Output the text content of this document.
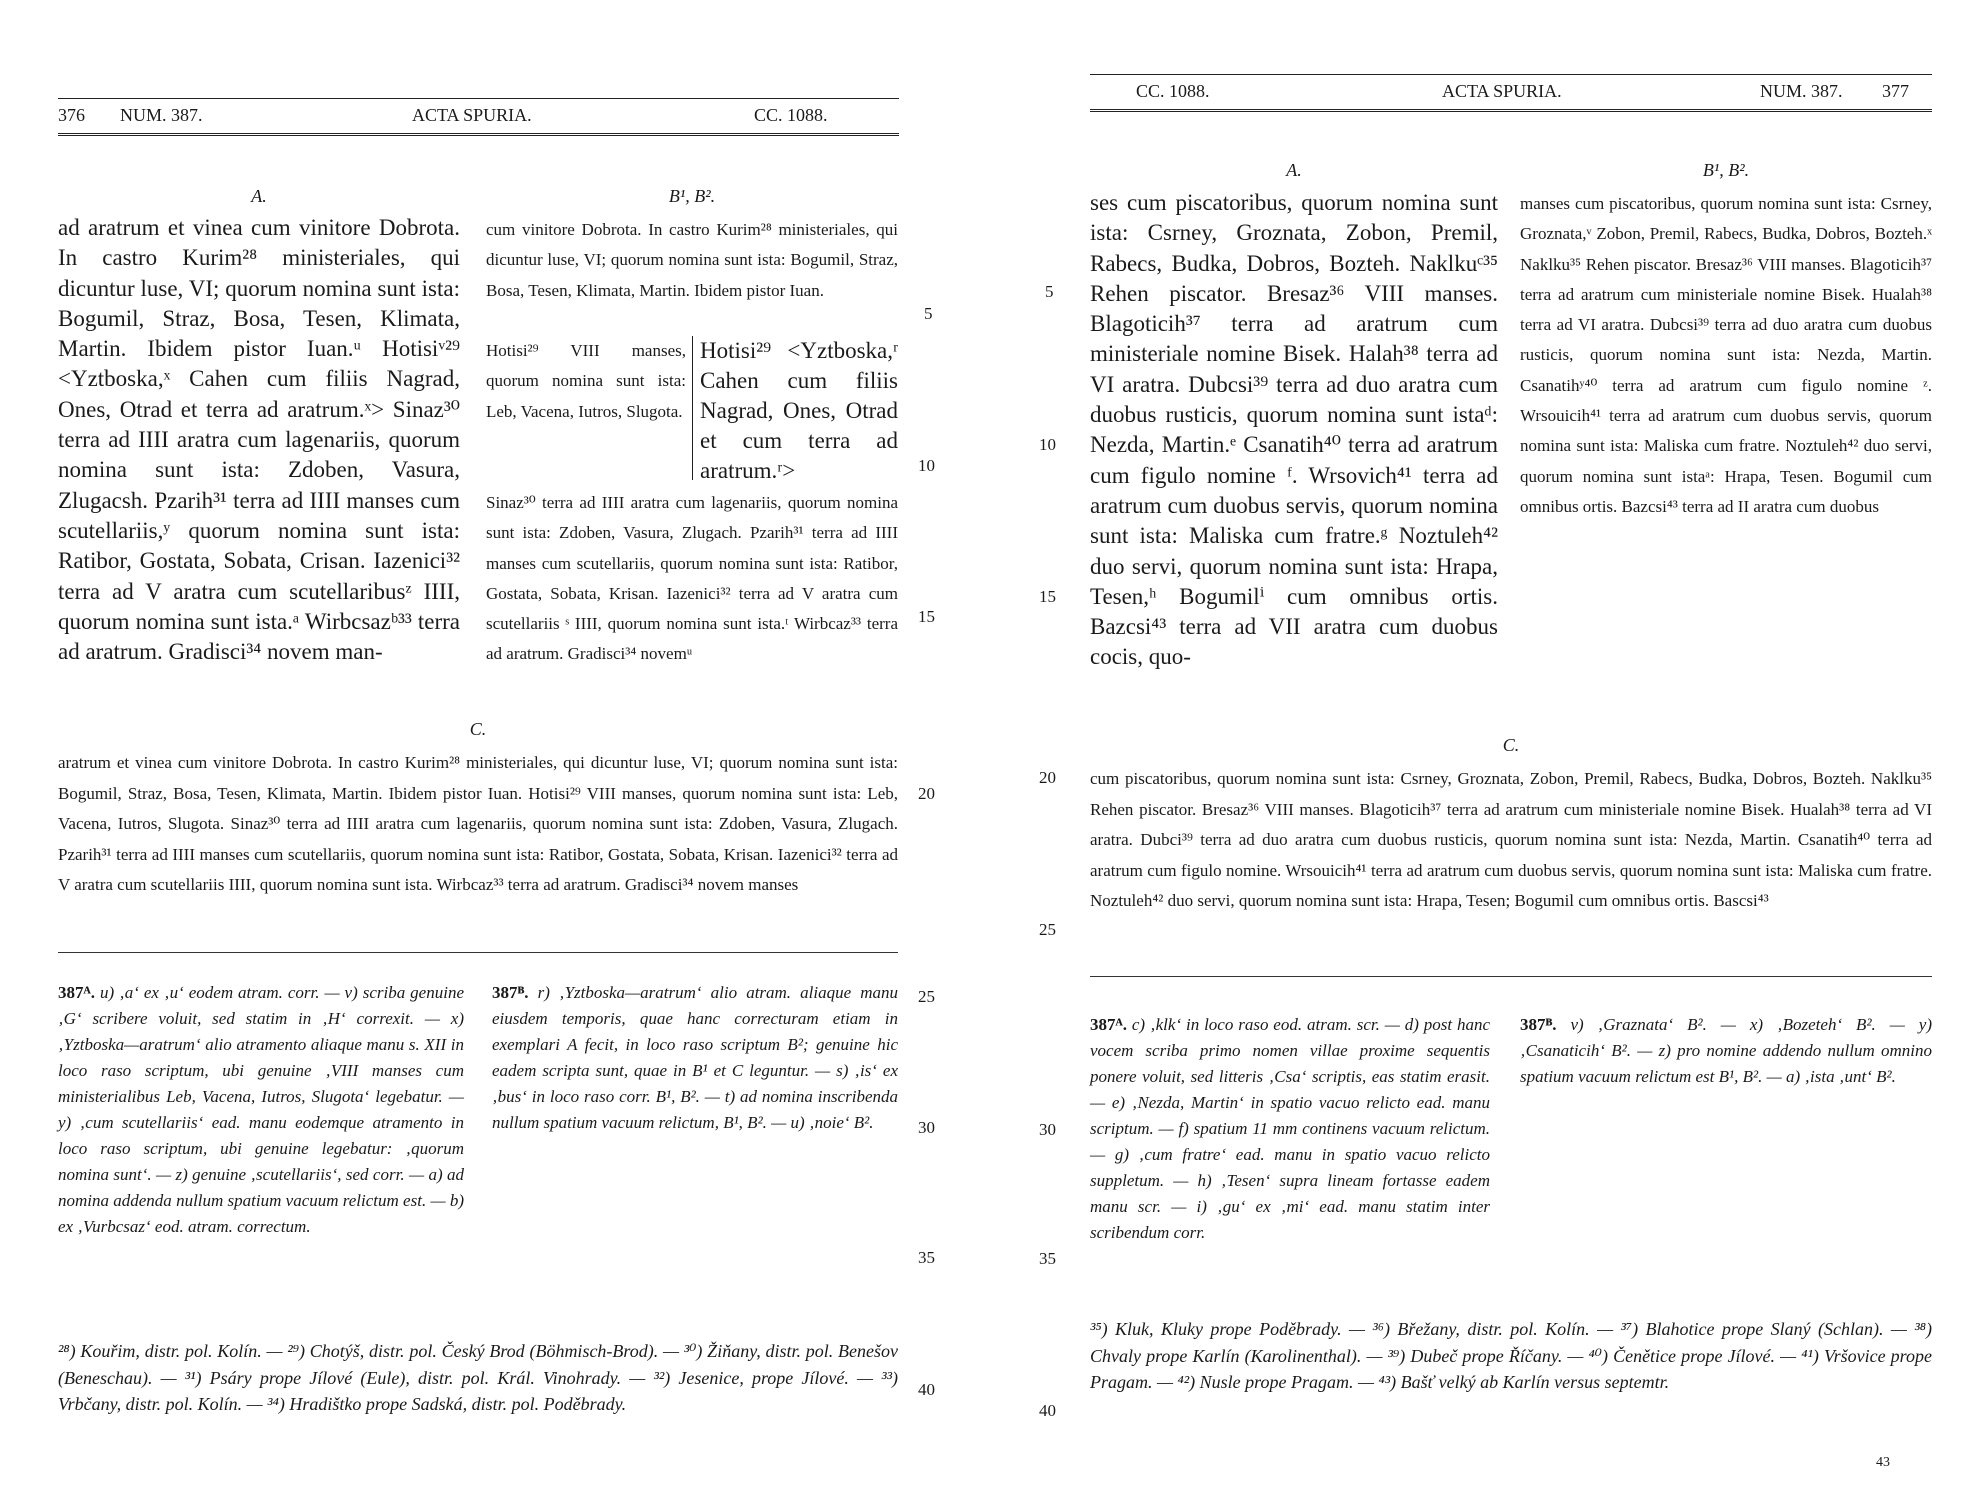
376 NUM. 387.	ACTA SPURIA.	CC. 1088.
A.	B¹, B².
ad aratrum et vinea cum vinitore Dobrota. In castro Kurim²⁸ ministeriales, qui dicuntur luse, VI; quorum nomina sunt ista: Bogumil, Straz, Bosa, Tesen, Klimata, Martin. Ibidem pistor Iuan.ᵘ Hotisiᵛ²⁹ <Yztboska,ˣ Cahen cum filiis Nagrad, Ones, Otrad et terra ad aratrum.ˣ> Sinaz³⁰ terra ad IIII aratra cum lagenariis, quorum nomina sunt ista: Zdoben, Vasura, Zlugacsh. Pzarih³¹ terra ad IIII manses cum scutellariis,ʸ quorum nomina sunt ista: Ratibor, Gostata, Sobata, Crisan. Iazenici³² terra ad V aratra cum scutellaribusᶻ IIII, quorum nomina sunt ista.ᵃ Wirbcsazᵇ³³ terra ad aratrum. Gradisci³⁴ novem man-
cum vinitore Dobrota. In castro Kurim²⁸ ministeriales, qui dicuntur luse, VI; quorum nomina sunt ista: Bogumil, Straz, Bosa, Tesen, Klimata, Martin. Ibidem pistor Iuan.
Hotisi²⁹ VIII manses, quorum nomina sunt ista: Leb, Vacena, Iutros, Slugota.
Hotisi²⁹ <Yztboska,ʳ Cahen cum filiis Nagrad, Ones, Otrad et cum terra ad aratrum.ʳ>
Sinaz³⁰ terra ad IIII aratra cum lagenariis, quorum nomina sunt ista: Zdoben, Vasura, Zlugach. Pzarih³¹ terra ad IIII manses cum scutellariis, quorum nomina sunt ista: Ratibor, Gostata, Sobata, Krisan. Iazenici³² terra ad V aratra cum scutellariis ˢ IIII, quorum nomina sunt ista.ᵗ Wirbcaz³³ terra ad aratrum. Gradisci³⁴ novemᵘ
C.
aratrum et vinea cum vinitore Dobrota. In castro Kurim²⁸ ministeriales, qui dicuntur luse, VI; quorum nomina sunt ista: Bogumil, Straz, Bosa, Tesen, Klimata, Martin. Ibidem pistor Iuan. Hotisi²⁹ VIII manses, quorum nomina sunt ista: Leb, Vacena, Iutros, Slugota. Sinaz³⁰ terra ad IIII aratra cum lagenariis, quorum nomina sunt ista: Zdoben, Vasura, Zlugach. Pzarih³¹ terra ad IIII manses cum scutellariis, quorum nomina sunt ista: Ratibor, Gostata, Sobata, Krisan. Iazenici³² terra ad V aratra cum scutellariis IIII, quorum nomina sunt ista. Wirbcaz³³ terra ad aratrum. Gradisci³⁴ novem manses
387ᴬ. u) ‚a‘ ex ‚u‘ eodem atram. corr. — v) scriba genuine ‚G‘ scribere voluit, sed statim in ‚H‘ correxit. — x) ‚Yztboska—aratrum‘ alio atramento aliaque manu s. XII in loco raso scriptum, ubi genuine ‚VIII manses cum ministerialibus Leb, Vacena, Iutros, Slugota‘ legebatur. — y) ‚cum scutellariis‘ ead. manu eodemque atramento in loco raso scriptum, ubi genuine legebatur: ‚quorum nomina sunt‘. — z) genuine ‚scutellariis‘, sed corr. — a) ad nomina addenda nullum spatium vacuum relictum est. — b) ex ‚Vurbcsaz‘ eod. atram. correctum.
387ᴮ. r) ‚Yztboska—aratrum‘ alio atram. aliaque manu eiusdem temporis, quae hanc correcturam etiam in exemplari A fecit, in loco raso scriptum B²; genuine hic eadem scripta sunt, quae in B¹ et C leguntur. — s) ‚is‘ ex ‚bus‘ in loco raso corr. B¹, B². — t) ad nomina inscribenda nullum spatium vacuum relictum, B¹, B². — u) ‚noie‘ B².
²⁸) Kouřim, distr. pol. Kolín. — ²⁹) Chotýš, distr. pol. Český Brod (Böhmisch-Brod). — ³⁰) Žiňany, distr. pol. Benešov (Beneschau). — ³¹) Psáry prope Jílové (Eule), distr. pol. Král. Vinohrady. — ³²) Jesenice, prope Jílové. — ³³) Vrbčany, distr. pol. Kolín. — ³⁴) Hradištko prope Sadská, distr. pol. Poděbrady.
5
10
15
20
25
30
35
40
CC. 1088.	ACTA SPURIA.	NUM. 387. 377
A.	B¹, B².
ses cum piscatoribus, quorum nomina sunt ista: Csrney, Groznata, Zobon, Premil, Rabecs, Budka, Dobros, Bozteh. Naklkuᶜ³⁵ Rehen piscator. Bresaz³⁶ VIII manses. Blagoticih³⁷ terra ad aratrum cum ministeriale nomine Bisek. Halah³⁸ terra ad VI aratra. Dubcsi³⁹ terra ad duo aratra cum duobus rusticis, quorum nomina sunt istaᵈ: Nezda, Martin.ᵉ Csanatih⁴⁰ terra ad aratrum cum figulo nomine ᶠ. Wrsovich⁴¹ terra ad aratrum cum duobus servis, quorum nomina sunt ista: Maliska cum fratre.ᵍ Noztuleh⁴² duo servi, quorum nomina sunt ista: Hrapa, Tesen,ʰ Bogumilⁱ cum omnibus ortis. Bazcsi⁴³ terra ad VII aratra cum duobus cocis, quo-
manses cum piscatoribus, quorum nomina sunt ista: Csrney, Groznata,ᵛ Zobon, Premil, Rabecs, Budka, Dobros, Bozteh.ˣ Naklku³⁵ Rehen piscator. Bresaz³⁶ VIII manses. Blagoticih³⁷ terra ad aratrum cum ministeriale nomine Bisek. Hualah³⁸ terra ad VI aratra. Dubcsi³⁹ terra ad duo aratra cum duobus rusticis, quorum nomina sunt ista: Nezda, Martin. Csanatihʸ⁴⁰ terra ad aratrum cum figulo nomine ᶻ. Wrsouicih⁴¹ terra ad aratrum cum duobus servis, quorum nomina sunt ista: Maliska cum fratre. Noztuleh⁴² duo servi, quorum nomina sunt istaᵃ: Hrapa, Tesen. Bogumil cum omnibus ortis. Bazcsi⁴³ terra ad II aratra cum duobus
C.
cum piscatoribus, quorum nomina sunt ista: Csrney, Groznata, Zobon, Premil, Rabecs, Budka, Dobros, Bozteh. Naklku³⁵ Rehen piscator. Bresaz³⁶ VIII manses. Blagoticih³⁷ terra ad aratrum cum ministeriale nomine Bisek. Hualah³⁸ terra ad VI aratra. Dubci³⁹ terra ad duo aratra cum duobus rusticis, quorum nomina sunt ista: Nezda, Martin. Csanatih⁴⁰ terra ad aratrum cum figulo nomine. Wrsouicih⁴¹ terra ad aratrum cum duobus servis, quorum nomina sunt ista: Maliska cum fratre. Noztuleh⁴² duo servi, quorum nomina sunt ista: Hrapa, Tesen; Bogumil cum omnibus ortis. Bascsi⁴³
387ᴬ. c) ‚klk‘ in loco raso eod. atram. scr. — d) post hanc vocem scriba primo nomen villae proxime sequentis ponere voluit, sed litteris ‚Csa‘ scriptis, eas statim erasit. — e) ‚Nezda, Martin‘ in spatio vacuo relicto ead. manu scriptum. — f) spatium 11 mm continens vacuum relictum. — g) ‚cum fratre‘ ead. manu in spatio vacuo relicto suppletum. — h) ‚Tesen‘ supra lineam fortasse eadem manu scr. — i) ‚gu‘ ex ‚mi‘ ead. manu statim inter scribendum corr.
387ᴮ. v) ‚Graznata‘ B². — x) ‚Bozeteh‘ B². — y) ‚Csanaticih‘ B². — z) pro nomine addendo nullum omnino spatium vacuum relictum est B¹, B². — a) ‚ista ‚unt‘ B².
³⁵) Kluk, Kluky prope Poděbrady. — ³⁶) Břežany, distr. pol. Kolín. — ³⁷) Blahotice prope Slaný (Schlan). — ³⁸) Chvaly prope Karlín (Karolinenthal). — ³⁹) Dubeč prope Říčany. — ⁴⁰) Čenětice prope Jílové. — ⁴¹) Vršovice prope Pragam. — ⁴²) Nusle prope Pragam. — ⁴³) Bašť velký ab Karlín versus septemtr.
5
10
15
20
25
30
35
40
43
